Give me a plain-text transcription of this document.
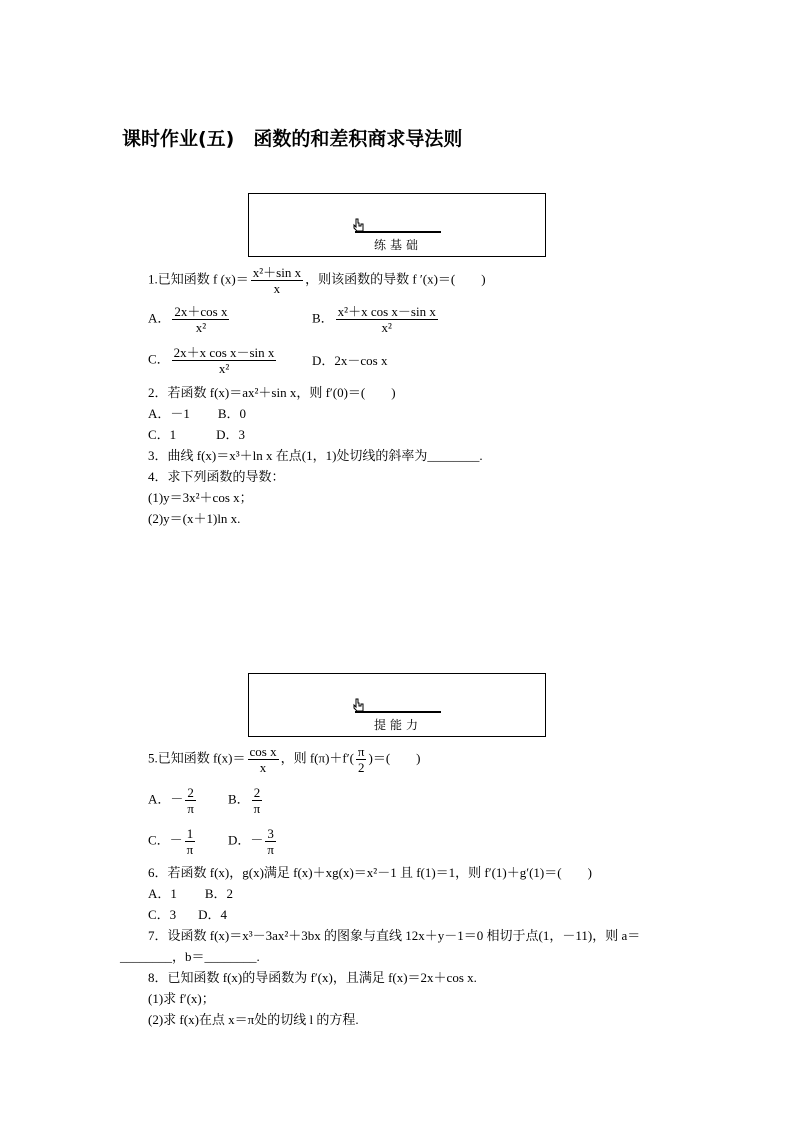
课时作业(五)　函数的和差积商求导法则
练基础
1.已知函数 f $(x)= \frac{\text{x²＋sin x}}{x}$ ，则该函数的导数 f ′(x)＝(　　)
A． $\frac{\text{2x＋cos x}}{\text{x²}}$	B． $\frac{\text{x²＋x cos x－sin x}}{\text{x²}}$
C． $\frac{\text{2x＋x cos x－sin x}}{\text{x²}}$	D．2x－cos x
2．若函数 f(x)＝ax²＋sin x，则 f′(0)＝(　　)
A．－1 B．0
C．1	D．3
3．曲线 f(x)＝x³＋ln x 在点(1，1)处切线的斜率为________.
4．求下列函数的导数：
(1)y＝3x²＋cos x；
(2)y＝(x＋1)ln x.
提能力
5.已知函数 $f(x)= \frac{\text{cos x}}{x}$ ，则 $f(\pi)+f'( \frac{\pi}{2}$ )＝(　　)
A．－ $\frac{2}{\pi}$ B． $\frac{2}{\pi}$
C．－ $\frac{1}{\pi}$	D．－ $\frac{3}{\pi}$
6．若函数 f(x)，g(x)满足 f(x)＋xg(x)＝x²－1 且 f(1)＝1，则 f′(1)＋g′(1)＝(　　)
A．1 B．2
C．3 D．4
7．设函数 f(x)＝x³－3ax²＋3bx 的图象与直线 12x＋y－1＝0 相切于点(1，－11)，则 a＝
________，b＝________.
8．已知函数 f(x)的导函数为 f′(x)，且满足 f(x)＝2x＋cos x.
(1)求 f′(x)；
(2)求 f(x)在点 x＝π处的切线 l 的方程.
